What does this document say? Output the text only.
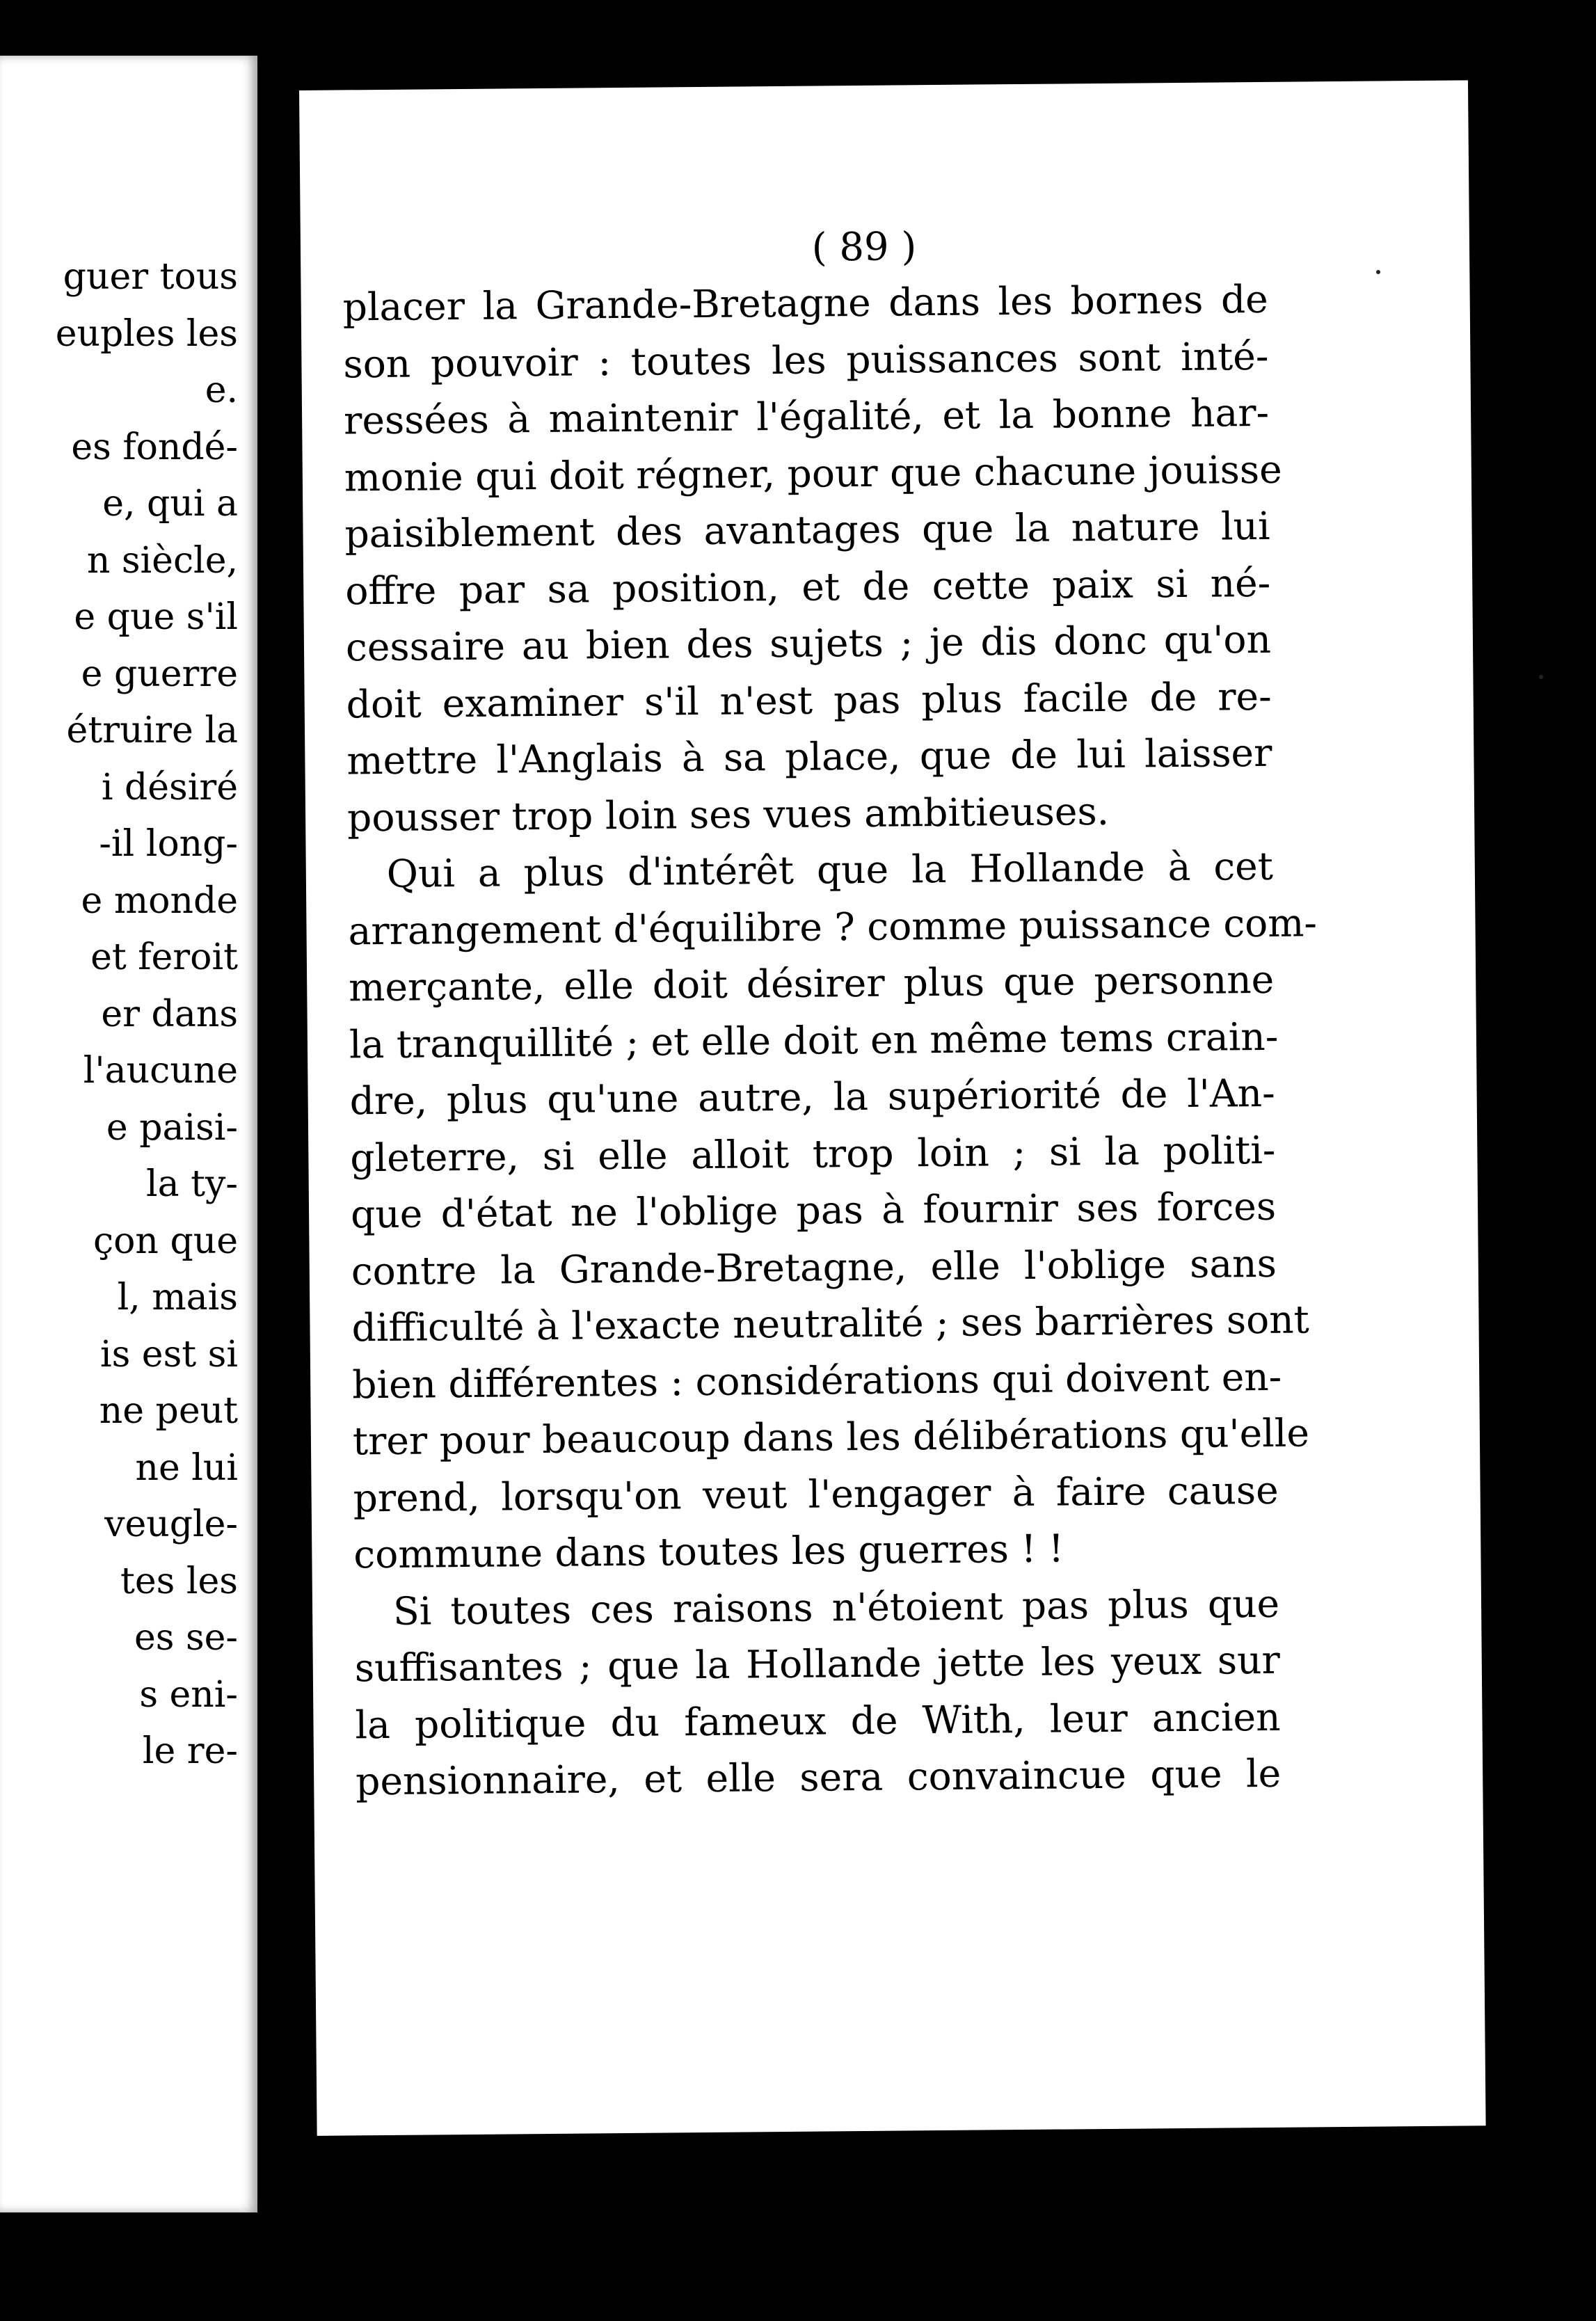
guer tous
euples les
e.
es fondé-
e, qui a
n siècle,
e que s'il
e guerre
étruire la
i désiré
-il long-
e monde
et feroit
er dans
l'aucune
e paisi-
la ty-
çon que
l, mais
is est si
ne peut
ne lui
veugle-
tes les
es se-
s eni-
le re-

( 89 )

placer la Grande-Bretagne dans les bornes de
son pouvoir : toutes les puissances sont inté-
ressées à maintenir l'égalité, et la bonne har-
monie qui doit régner, pour que chacune jouisse
paisiblement des avantages que la nature lui
offre par sa position, et de cette paix si né-
cessaire au bien des sujets ; je dis donc qu'on
doit examiner s'il n'est pas plus facile de re-
mettre l'Anglais à sa place, que de lui laisser
pousser trop loin ses vues ambitieuses.
Qui a plus d'intérêt que la Hollande à cet
arrangement d'équilibre ? comme puissance com-
merçante, elle doit désirer plus que personne
la tranquillité ; et elle doit en même tems crain-
dre, plus qu'une autre, la supériorité de l'An-
gleterre, si elle alloit trop loin ; si la politi-
que d'état ne l'oblige pas à fournir ses forces
contre la Grande-Bretagne, elle l'oblige sans
difficulté à l'exacte neutralité ; ses barrières sont
bien différentes : considérations qui doivent en-
trer pour beaucoup dans les délibérations qu'elle
prend, lorsqu'on veut l'engager à faire cause
commune dans toutes les guerres ! !
Si toutes ces raisons n'étoient pas plus que
suffisantes ; que la Hollande jette les yeux sur
la politique du fameux de With, leur ancien
pensionnaire, et elle sera convaincue que le
